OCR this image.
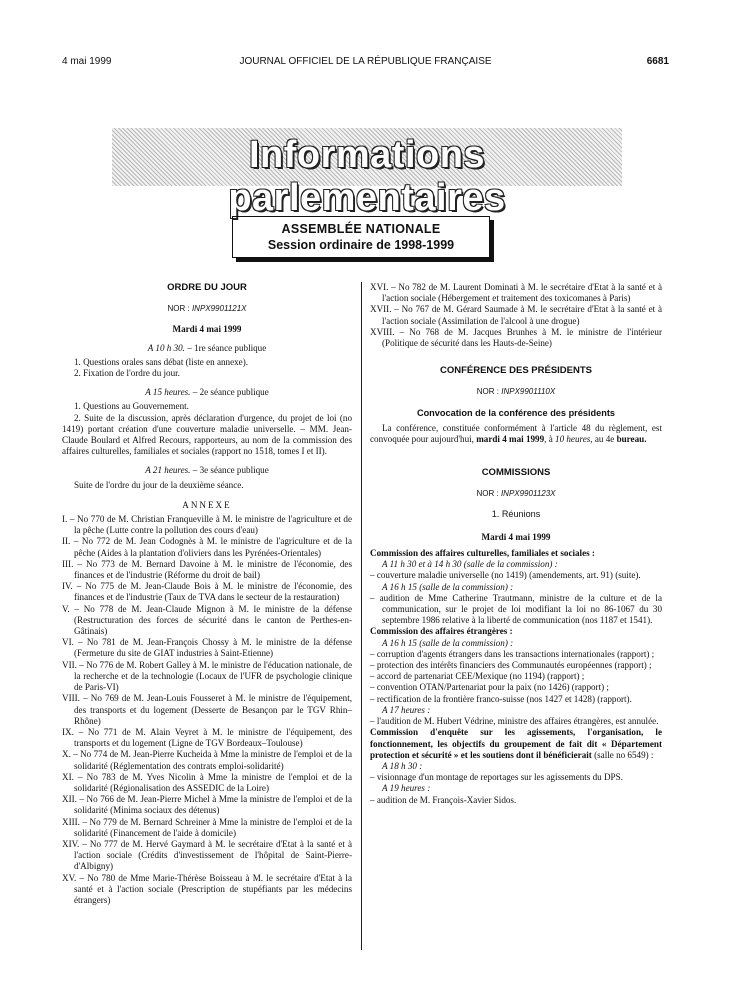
4 mai 1999	JOURNAL OFFICIEL DE LA RÉPUBLIQUE FRANÇAISE	6681
Informations parlementaires
ASSEMBLÉE NATIONALE
Session ordinaire de 1998-1999

ORDRE DU JOUR

NOR : INPX9901121X

Mardi 4 mai 1999

A 10 h 30. – 1re séance publique

1. Questions orales sans débat (liste en annexe).

2. Fixation de l'ordre du jour.

A 15 heures. – 2e séance publique

1. Questions au Gouvernement.

2. Suite de la discussion, après déclaration d'urgence, du projet de loi (no 1419) portant création d'une couverture maladie universelle. – MM. Jean-Claude Boulard et Alfred Recours, rapporteurs, au nom de la commission des affaires culturelles, familiales et sociales (rapport no 1518, tomes I et II).

A 21 heures. – 3e séance publique

Suite de l'ordre du jour de la deuxième séance.

ANNEXE

I. – No 770 de M. Christian Franqueville à M. le ministre de l'agriculture et de la pêche (Lutte contre la pollution des cours d'eau)

II. – No 772 de M. Jean Codognès à M. le ministre de l'agriculture et de la pêche (Aides à la plantation d'oliviers dans les Pyrénées-Orientales)

III. – No 773 de M. Bernard Davoine à M. le ministre de l'économie, des finances et de l'industrie (Réforme du droit de bail)

IV. – No 775 de M. Jean-Claude Bois à M. le ministre de l'économie, des finances et de l'industrie (Taux de TVA dans le secteur de la restauration)

V. – No 778 de M. Jean-Claude Mignon à M. le ministre de la défense (Restructuration des forces de sécurité dans le canton de Perthes-en-Gâtinais)

VI. – No 781 de M. Jean-François Chossy à M. le ministre de la défense (Fermeture du site de GIAT industries à Saint-Etienne)

VII. – No 776 de M. Robert Galley à M. le ministre de l'éducation nationale, de la recherche et de la technologie (Locaux de l'UFR de psychologie clinique de Paris-VI)

VIII. – No 769 de M. Jean-Louis Fousseret à M. le ministre de l'équipement, des transports et du logement (Desserte de Besançon par le TGV Rhin–Rhône)

IX. – No 771 de M. Alain Veyret à M. le ministre de l'équipement, des transports et du logement (Ligne de TGV Bordeaux–Toulouse)

X. – No 774 de M. Jean-Pierre Kucheida à Mme la ministre de l'emploi et de la solidarité (Réglementation des contrats emploi-solidarité)

XI. – No 783 de M. Yves Nicolin à Mme la ministre de l'emploi et de la solidarité (Régionalisation des ASSEDIC de la Loire)

XII. – No 766 de M. Jean-Pierre Michel à Mme la ministre de l'emploi et de la solidarité (Minima sociaux des détenus)

XIII. – No 779 de M. Bernard Schreiner à Mme la ministre de l'emploi et de la solidarité (Financement de l'aide à domicile)

XIV. – No 777 de M. Hervé Gaymard à M. le secrétaire d'Etat à la santé et à l'action sociale (Crédits d'investissement de l'hôpital de Saint-Pierre-d'Albigny)

XV. – No 780 de Mme Marie-Thérèse Boisseau à M. le secrétaire d'Etat à la santé et à l'action sociale (Prescription de stupéfiants par les médecins étrangers)

XVI. – No 782 de M. Laurent Dominati à M. le secrétaire d'Etat à la santé et à l'action sociale (Hébergement et traitement des toxicomanes à Paris)

XVII. – No 767 de M. Gérard Saumade à M. le secrétaire d'Etat à la santé et à l'action sociale (Assimilation de l'alcool à une drogue)

XVIII. – No 768 de M. Jacques Brunhes à M. le ministre de l'intérieur (Politique de sécurité dans les Hauts-de-Seine)

CONFÉRENCE DES PRÉSIDENTS

NOR : INPX9901110X

Convocation de la conférence des présidents

La conférence, constituée conformément à l'article 48 du règlement, est convoquée pour aujourd'hui, mardi 4 mai 1999, à 10 heures, au 4e bureau.

COMMISSIONS

NOR : INPX9901123X

1. Réunions

Mardi 4 mai 1999

Commission des affaires culturelles, familiales et sociales :

A 11 h 30 et à 14 h 30 (salle de la commission) :

– couverture maladie universelle (no 1419) (amendements, art. 91) (suite).

A 16 h 15 (salle de la commission) :

– audition de Mme Catherine Trautmann, ministre de la culture et de la communication, sur le projet de loi modifiant la loi no 86-1067 du 30 septembre 1986 relative à la liberté de communication (nos 1187 et 1541).

Commission des affaires étrangères :

A 16 h 15 (salle de la commission) :

– corruption d'agents étrangers dans les transactions internationales (rapport) ;

– protection des intérêts financiers des Communautés européennes (rapport) ;

– accord de partenariat CEE/Mexique (no 1194) (rapport) ;

– convention OTAN/Partenariat pour la paix (no 1426) (rapport) ;

– rectification de la frontière franco-suisse (nos 1427 et 1428) (rapport).

A 17 heures :

– l'audition de M. Hubert Védrine, ministre des affaires étrangères, est annulée.

Commission d'enquête sur les agissements, l'organisation, le fonctionnement, les objectifs du groupement de fait dit « Département protection et sécurité » et les soutiens dont il bénéficierait (salle no 6549) :

A 18 h 30 :

– visionnage d'un montage de reportages sur les agissements du DPS.

A 19 heures :

– audition de M. François-Xavier Sidos.
